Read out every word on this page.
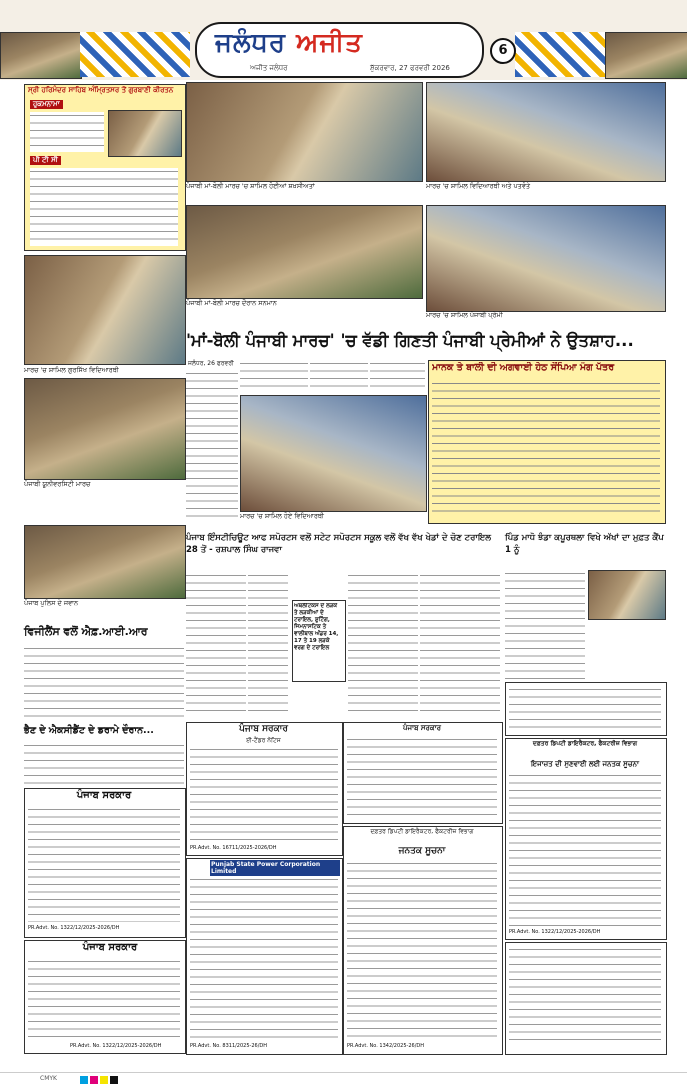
ਜਲੰਧਰ ਅਜੀਤ
ਅਜੀਤ ਜਲੰਧਰ	ਸ਼ੁੱਕਰਵਾਰ, 27 ਫਰਵਰੀ 2026
6
ਸ੍ਰੀ ਹਰਿਮੰਦਰ ਸਾਹਿਬ ਅੰਮ੍ਰਿਤਸਰ ਤੋਂ ਗੁਰਬਾਣੀ ਕੀਰਤਨ
ਹੁਕਮਨਾਮਾ
ਪੀ ਟੀ ਸੀ
ਪੰਜਾਬੀ ਮਾਂ-ਬੋਲੀ ਮਾਰਚ 'ਚ ਸ਼ਾਮਿਲ ਹੋਈਆਂ ਸ਼ਖ਼ਸੀਅਤਾਂ	ਮਾਰਚ 'ਚ ਸ਼ਾਮਿਲ ਵਿਦਿਆਰਥੀ ਅਤੇ ਪਤਵੰਤੇ
ਪੰਜਾਬੀ ਮਾਂ-ਬੋਲੀ ਮਾਰਚ ਦੌਰਾਨ ਸਨਮਾਨ
ਮਾਰਚ 'ਚ ਸ਼ਾਮਿਲ ਪੰਜਾਬੀ ਪ੍ਰੇਮੀ
ਮਾਰਚ 'ਚ ਸ਼ਾਮਿਲ ਗੁਰਸਿੱਖ ਵਿਦਿਆਰਥੀ
ਪੰਜਾਬੀ ਯੂਨੀਵਰਸਿਟੀ ਮਾਰਚ
'ਮਾਂ-ਬੋਲੀ ਪੰਜਾਬੀ ਮਾਰਚ' 'ਚ ਵੱਡੀ ਗਿਣਤੀ ਪੰਜਾਬੀ ਪ੍ਰੇਮੀਆਂ ਨੇ ਉਤਸ਼ਾਹ...
ਜਲੰਧਰ, 26 ਫਰਵਰੀ
ਮਾਰਚ 'ਚ ਸ਼ਾਮਿਲ ਹੋਏ ਵਿਦਿਆਰਥੀ
ਮਾਨਕ ਤੇ ਬਾਲੀ ਦੀ ਅਗਵਾਈ ਹੇਠ ਸੌਂਪਿਆ ਮੰਗ ਪੱਤਰ
ਪੰਜਾਬ ਪੁਲਿਸ ਦੇ ਜਵਾਨ
ਪੰਜਾਬ ਇੰਸਟੀਚਿਊਟ ਆਫ ਸਪੋਰਟਸ ਵਲੋਂ ਸਟੇਟ ਸਪੋਰਟਸ ਸਕੂਲ ਵਲੋਂ ਵੱਖ ਵੱਖ ਖੇਡਾਂ ਦੇ ਚੋਣ ਟਰਾਇਲ 28 ਤੋਂ - ਰਸ਼ਪਾਲ ਸਿੰਘ ਰਾਜਵਾ
ਅਥਲੈਟਿਕਸ ਦੇ ਲੜਕੇ ਤੇ ਲੜਕੀਆਂ ਦੇ ਟਰਾਇਲ, ਸ਼ੂਟਿੰਗ, ਜਿਮਨਾਸਟਿਕ ਤੇ ਵਾਲੀਬਾਲ ਅੰਡਰ 14, 17 ਤੇ 19 ਲੜਕੇ ਵਰਗ ਦੇ ਟਰਾਇਲ
ਪਿੰਡ ਮਾਧੋ ਝੰਡਾ ਕਪੂਰਥਲਾ ਵਿਖੇ ਅੱਖਾਂ ਦਾ ਮੁਫ਼ਤ ਕੈਂਪ 1 ਨੂੰ
ਵਿਜੀਲੈਂਸ ਵਲੋਂ ਐਫ਼.ਆਈ.ਆਰ
ਭੈਣ ਦੇ ਐਕਸੀਡੈਂਟ ਦੇ ਡਰਾਮੇ ਦੌਰਾਨ...
ਪੰਜਾਬ ਸਰਕਾਰ
PR.Advt. No. 1322/12/2025-2026/DH
ਪੰਜਾਬ ਸਰਕਾਰ
PR.Advt. No. 1322/12/2025-2026/DH
ਪੰਜਾਬ ਸਰਕਾਰ
ਈ-ਟੈਂਡਰ ਨੋਟਿਸ
PR.Advt. No. 16711/2025-2026/DH
Punjab State Power Corporation Limited
PR.Advt. No. 8311/2025-26/DH
ਪੰਜਾਬ ਸਰਕਾਰ
ਦਫ਼ਤਰ ਡਿਪਟੀ ਡਾਇਰੈਕਟਰ, ਫੈਕਟਰੀਜ਼ ਵਿਭਾਗ
ਜਨਤਕ ਸੂਚਨਾ
PR.Advt. No. 1342/2025-26/DH
ਦਫ਼ਤਰ ਡਿਪਟੀ ਡਾਇਰੈਕਟਰ, ਫੈਕਟਰੀਜ਼ ਵਿਭਾਗ
ਇਜਾਜ਼ਤ ਦੀ ਸੁਣਵਾਈ ਲਈ ਜਨਤਕ ਸੂਚਨਾ
PR.Advt. No. 1322/12/2025-2026/DH
CMYK
